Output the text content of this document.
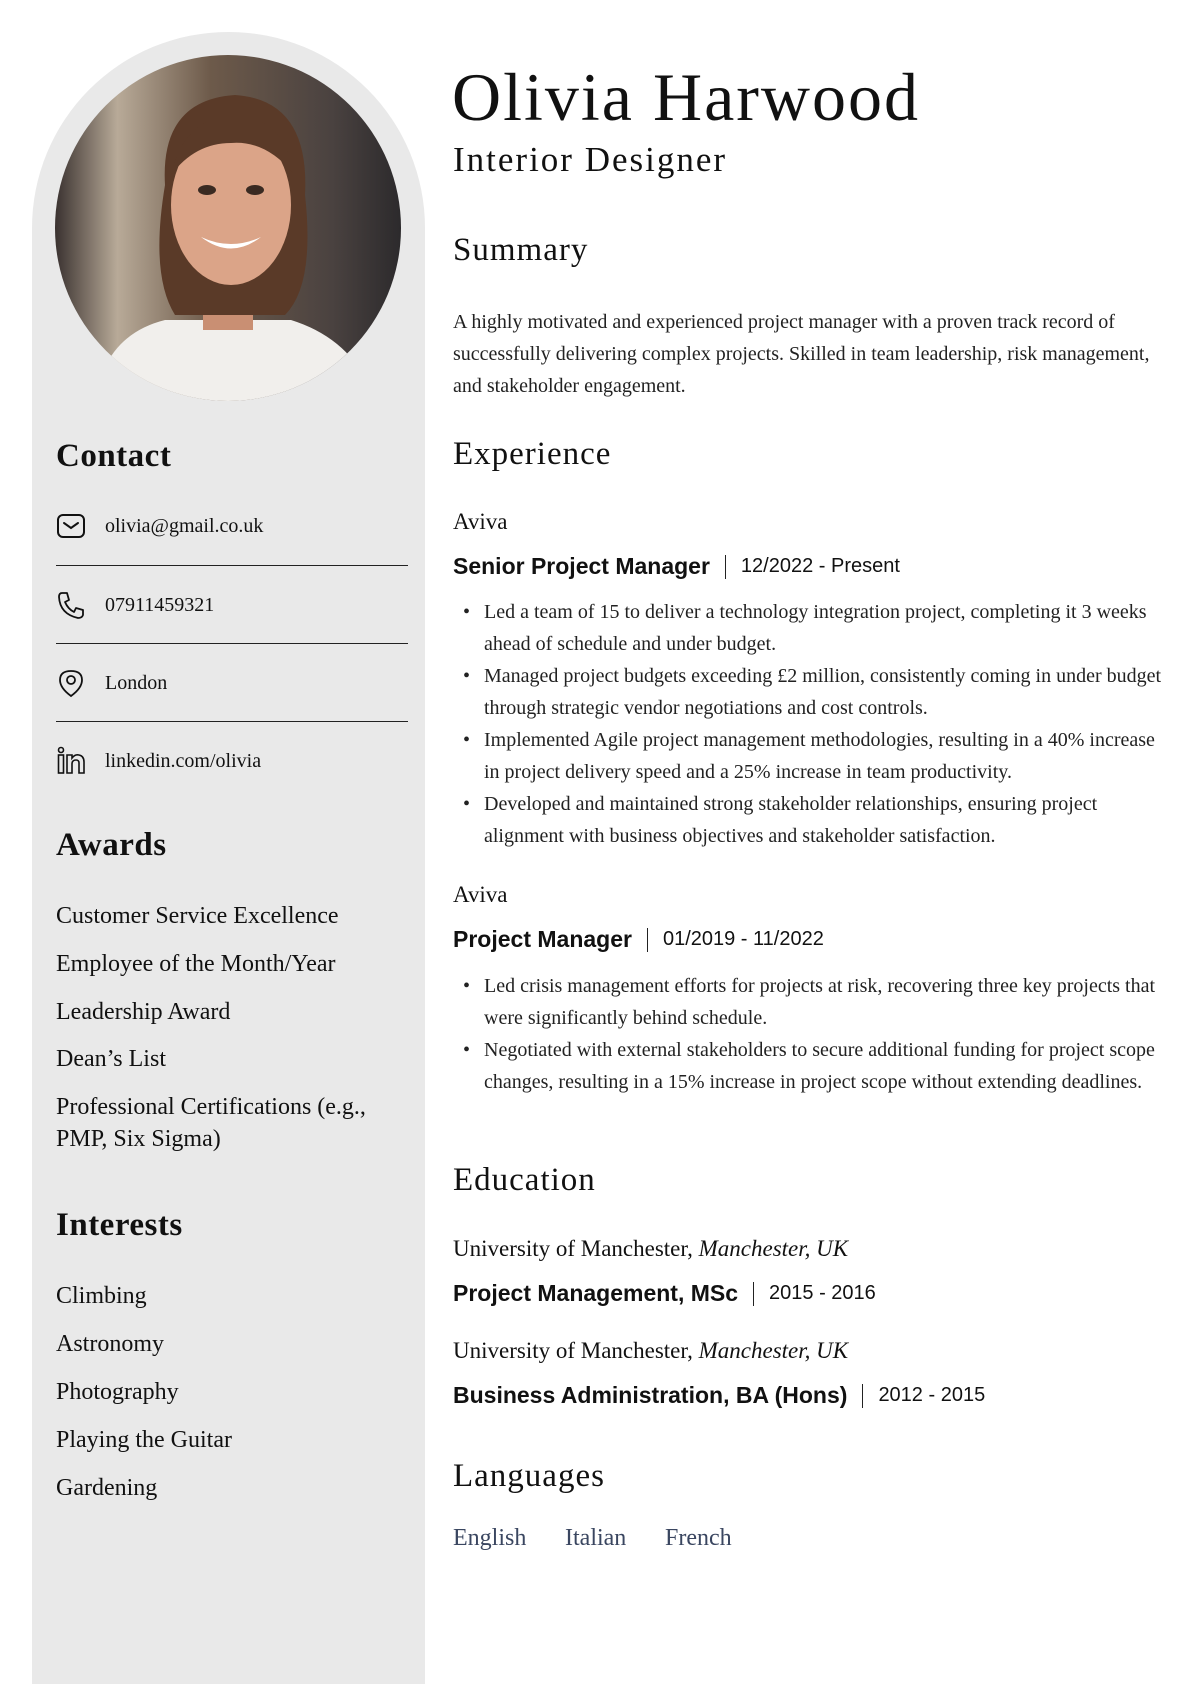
Contact
olivia@gmail.co.uk
07911459321
London
linkedin.com/olivia
Awards
Customer Service Excellence
Employee of the Month/Year
Leadership Award
Dean’s List
Professional Certifications (e.g., PMP, Six Sigma)
Interests
Climbing
Astronomy
Photography
Playing the Guitar
Gardening
Olivia Harwood
Interior Designer
Summary

A highly motivated and experienced project manager with a proven track record of successfully delivering complex projects. Skilled in team leadership, risk management, and stakeholder engagement.

Experience
Aviva
Senior Project Manager 12/2022 - Present
• Led a team of 15 to deliver a technology integration project, completing it 3 weeks ahead of schedule and under budget.
• Managed project budgets exceeding £2 million, consistently coming in under budget through strategic vendor negotiations and cost controls.
• Implemented Agile project management methodologies, resulting in a 40% increase in project delivery speed and a 25% increase in team productivity.
• Developed and maintained strong stakeholder relationships, ensuring project alignment with business objectives and stakeholder satisfaction.
Aviva
Project Manager 01/2019 - 11/2022
• Led crisis management efforts for projects at risk, recovering three key projects that were significantly behind schedule.
• Negotiated with external stakeholders to secure additional funding for project scope changes, resulting in a 15% increase in project scope without extending deadlines.
Education
University of Manchester, Manchester, UK
Project Management, MSc 2015 - 2016
University of Manchester, Manchester, UK
Business Administration, BA (Hons) 2012 - 2015
Languages
English Italian French
